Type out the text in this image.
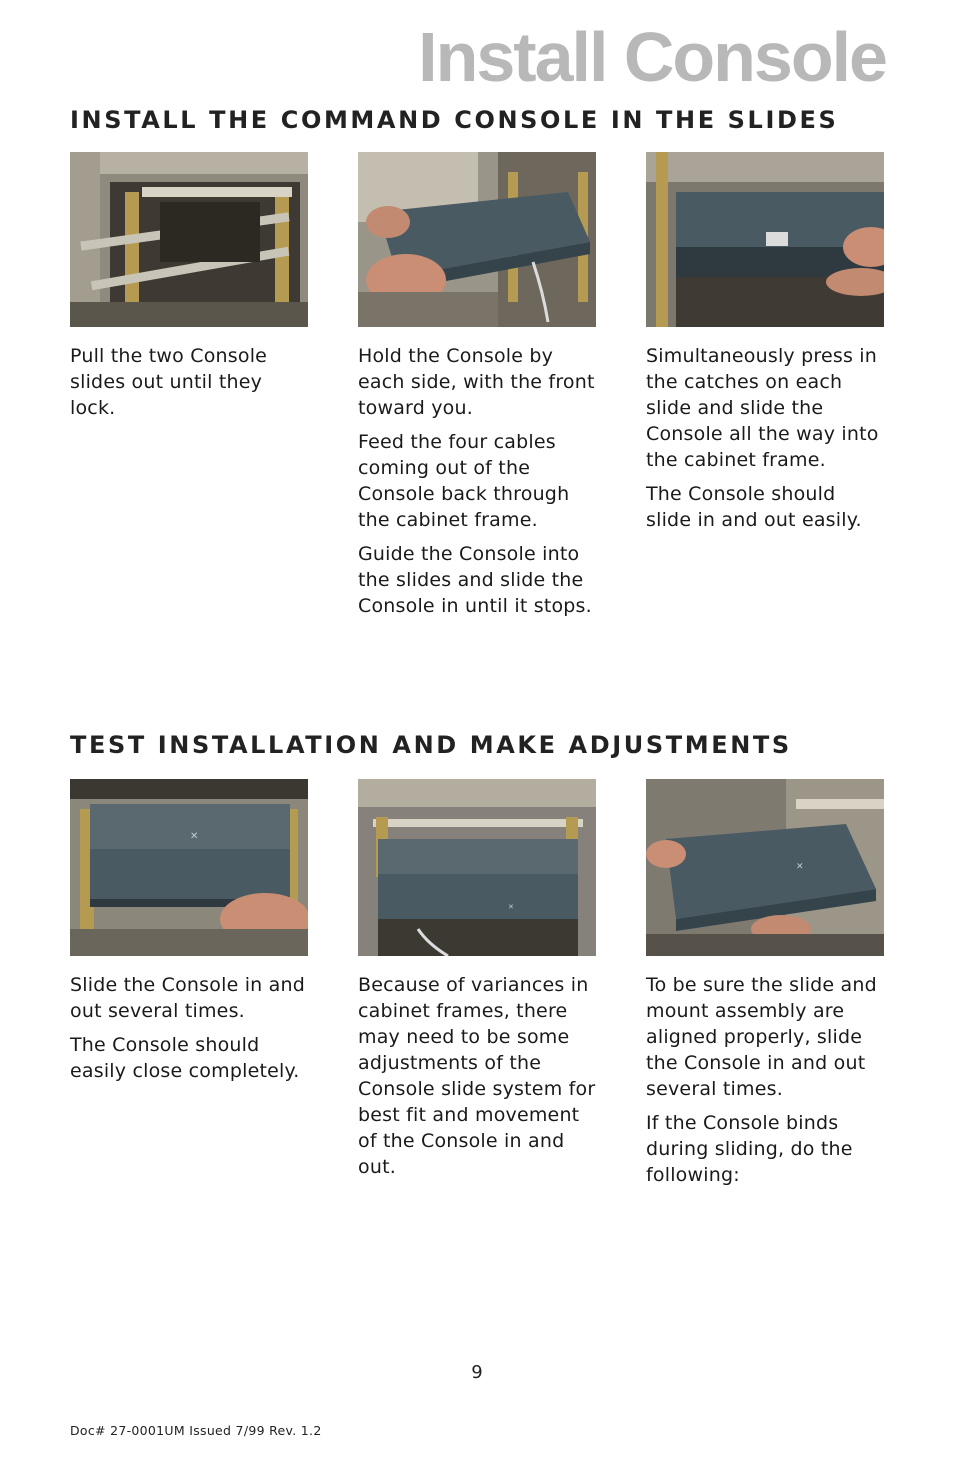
Install Console
INSTALL THE COMMAND CONSOLE IN THE SLIDES

Pull the two Console slides out until they lock.

Hold the Console by each side, with the front toward you.

Feed the four cables coming out of the Console back through the cabinet frame.

Guide the Console into the slides and slide the Console in until it stops.

Simultaneously press in the catches on each slide and slide the Console all the way into the cabinet frame.

The Console should slide in and out easily.

TEST INSTALLATION AND MAKE ADJUSTMENTS
✕

Slide the Console in and out several times.

The Console should easily close completely.

✕

Because of variances in cabinet frames, there may need to be some adjustments of the Console slide system for best fit and movement of the Console in and out.

✕

To be sure the slide and mount assembly are aligned properly, slide the Console in and out several times.

If the Console binds during sliding, do the following:

9
Doc# 27-0001UM Issued 7/99 Rev. 1.2
